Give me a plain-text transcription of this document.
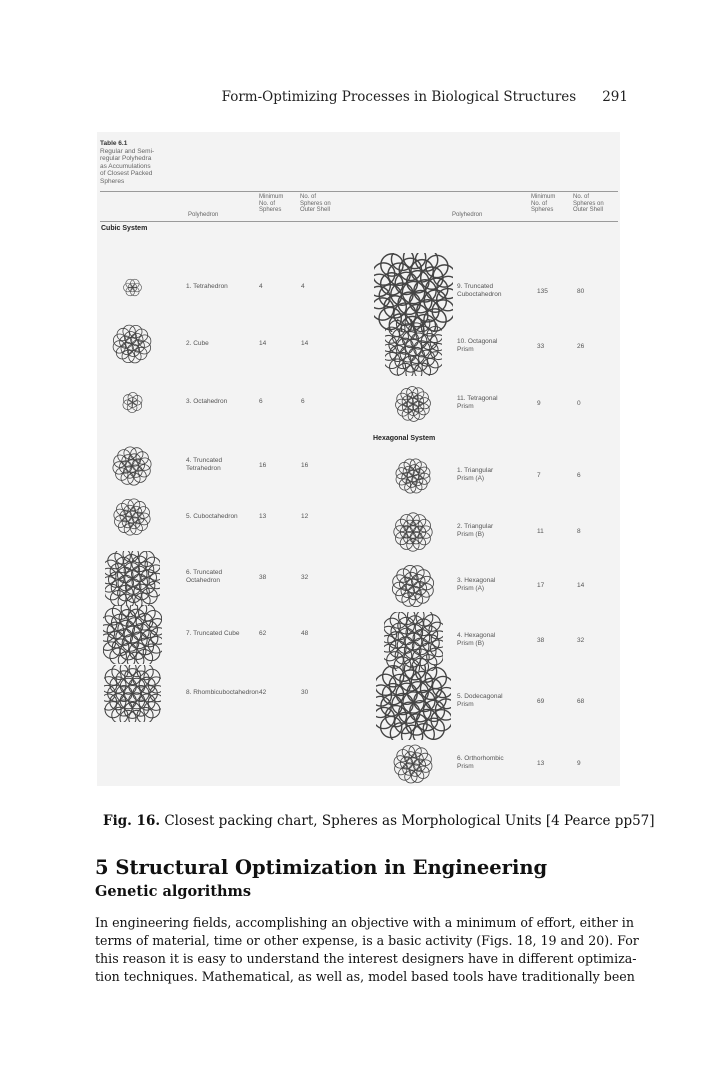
Form-Optimizing Processes in Biological Structures 291
Table 6.1
Regular and Semi-
regular Polyhedra
as Accumulations
of Closest Packed
Spheres
Polyhedron
Minimum
No. of
Spheres
No. of
Spheres on
Outer Shell
Polyhedron
Minimum
No. of
Spheres
No. of
Spheres on
Outer Shell
Cubic System
Hexagonal System
1. Tetrahedron	4	4
2. Cube	14	14
3. Octahedron	6	6
4. Truncated
Tetrahedron	16	16
5. Cuboctahedron	13	12
6. Truncated
Octahedron	38	32
7. Truncated Cube	62	48
8. Rhombicuboctahedron 42	30
9. Truncated
Cuboctahedron	135	80
10. Octagonal
Prism	33	26
11. Tetragonal
Prism	9	0
1. Triangular
Prism (A)	7	6
2. Triangular
Prism (B)	11	8
3. Hexagonal
Prism (A)	17	14
4. Hexagonal
Prism (B)	38	32
5. Dodecagonal
Prism	69	68
6. Orthorhombic
Prism	13	9
Fig. 16. Closest packing chart, Spheres as Morphological Units [4 Pearce pp57]
5 Structural Optimization in Engineering
Genetic algorithms
In engineering fields, accomplishing an objective with a minimum of effort, either in
terms of material, time or other expense, is a basic activity (Figs. 18, 19 and 20). For
this reason it is easy to understand the interest designers have in different optimiza-
tion techniques. Mathematical, as well as, model based tools have traditionally been
